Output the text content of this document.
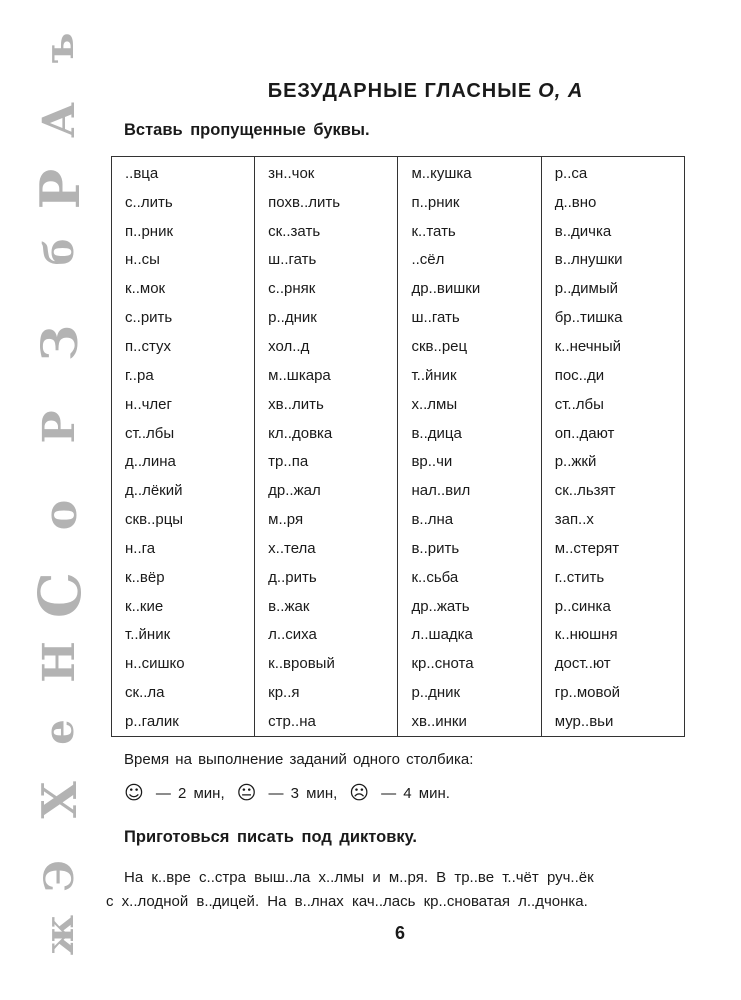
ъ
А
Р
б
З
Р
о
С
Н
е
Х
Э
ж
БЕЗУДАРНЫЕ ГЛАСНЫЕ О, А
Вставь пропущенные буквы.
..вца	зн..чок	м..кушка	р..са
с..лить	похв..лить	п..рник	д..вно
п..рник	ск..зать	к..тать	в..дичка
н..сы	ш..гать	..сёл	в..лнушки
к..мок	с..рняк	др..вишки	р..димый
с..рить	р..дник	ш..гать	бр..тишка
п..стух	хол..д	скв..рец	к..нечный
г..ра	м..шкара	т..йник	пос..ди
н..члег	хв..лить	х..лмы	ст..лбы
ст..лбы	кл..довка	в..дица	оп..дают
д..лина	тр..па	вр..чи	р..жкй
д..лёкий	др..жал	нал..вил	ск..льзят
скв..рцы	м..ря	в..лна	зап..х
н..га	х..тела	в..рить	м..стерят
к..вёр	д..рить	к..сьба	г..стить
к..кие	в..жак	др..жать	р..синка
т..йник	л..сиха	л..шадка	к..нюшня
н..сишко	к..вровый	кр..снота	дост..ют
ск..ла	кр..я	р..дник	гр..мовой
р..галик	стр..на	хв..инки	мур..вьи
Время на выполнение заданий одного столбика:
☺ — 2 мин, 😐 — 3 мин, ☹ — 4 мин.
Приготовься писать под диктовку.
На к..вре с..стра выш..ла х..лмы и м..ря. В тр..ве т..чёт руч..ёк
с х..лодной в..дицей. На в..лнах кач..лась кр..сноватая л..дчонка.
6
